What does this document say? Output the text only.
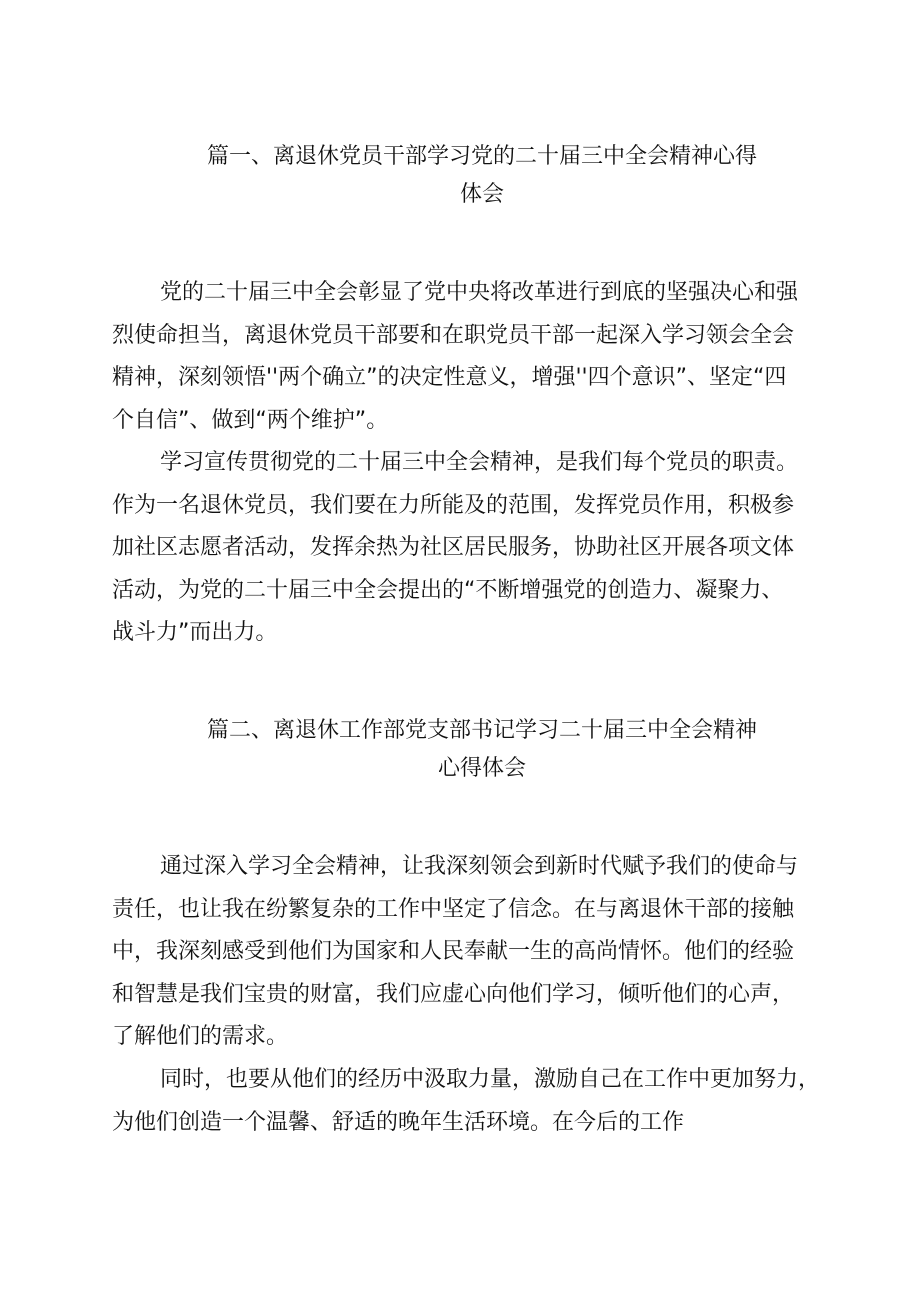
篇一、离退休党员干部学习党的二十届三中全会精神心得
体会
党的二十届三中全会彰显了党中央将改革进行到底的坚强决心和强
烈使命担当，离退休党员干部要和在职党员干部一起深入学习领会全会
精神，深刻领悟''两个确立”的决定性意义，增强''四个意识”、坚定“四
个自信”、做到“两个维护”。
学习宣传贯彻党的二十届三中全会精神，是我们每个党员的职责。
作为一名退休党员，我们要在力所能及的范围，发挥党员作用，积极参
加社区志愿者活动，发挥余热为社区居民服务，协助社区开展各项文体
活动，为党的二十届三中全会提出的“不断增强党的创造力、凝聚力、
战斗力”而出力。
篇二、离退休工作部党支部书记学习二十届三中全会精神
心得体会
通过深入学习全会精神，让我深刻领会到新时代赋予我们的使命与
责任，也让我在纷繁复杂的工作中坚定了信念。在与离退休干部的接触
中，我深刻感受到他们为国家和人民奉献一生的高尚情怀。他们的经验
和智慧是我们宝贵的财富，我们应虚心向他们学习，倾听他们的心声，
了解他们的需求。
同时，也要从他们的经历中汲取力量，激励自己在工作中更加努力，
为他们创造一个温馨、舒适的晚年生活环境。在今后的工作
